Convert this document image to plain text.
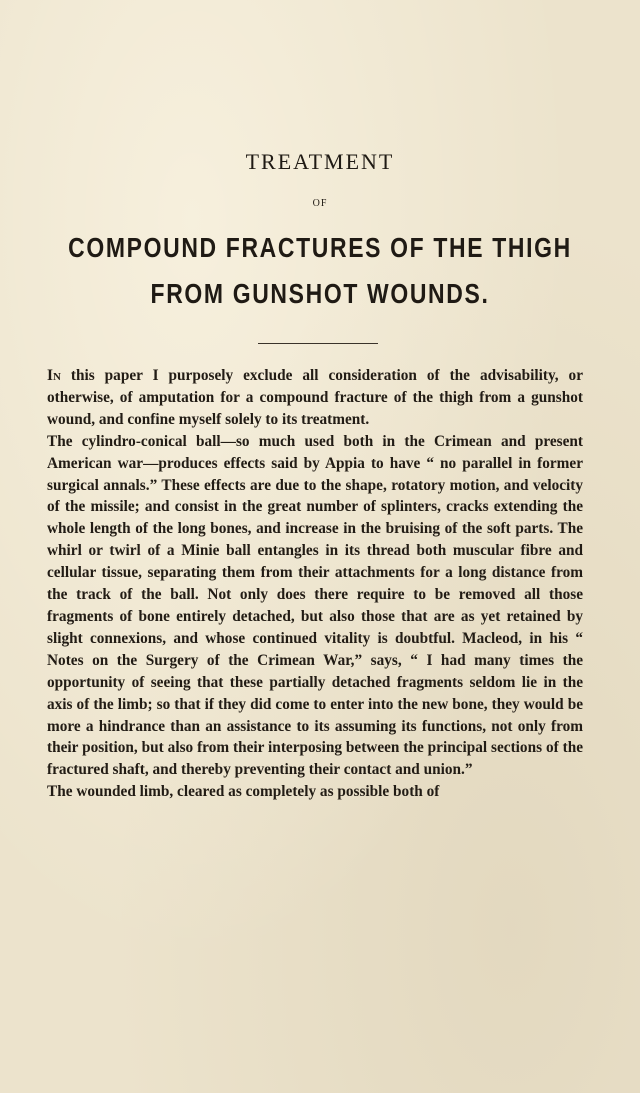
TREATMENT
OF
COMPOUND FRACTURES OF THE THIGH
FROM GUNSHOT WOUNDS.

In this paper I purposely exclude all consideration of the advisability, or otherwise, of amputation for a compound fracture of the thigh from a gunshot wound, and confine myself solely to its treatment.

The cylindro-conical ball—so much used both in the Crimean and present American war—produces effects said by Appia to have “ no parallel in former surgical annals.” These effects are due to the shape, rotatory motion, and velocity of the missile; and consist in the great number of splinters, cracks extending the whole length of the long bones, and increase in the bruising of the soft parts. The whirl or twirl of a Minie ball entangles in its thread both muscular fibre and cellular tissue, separating them from their attachments for a long distance from the track of the ball. Not only does there require to be removed all those fragments of bone entirely detached, but also those that are as yet retained by slight connexions, and whose continued vitality is doubtful. Macleod, in his “ Notes on the Surgery of the Crimean War,” says, “ I had many times the opportunity of seeing that these partially detached fragments seldom lie in the axis of the limb; so that if they did come to enter into the new bone, they would be more a hindrance than an assistance to its assuming its functions, not only from their position, but also from their interposing between the principal sections of the fractured shaft, and thereby preventing their contact and union.”

The wounded limb, cleared as completely as possible both of
